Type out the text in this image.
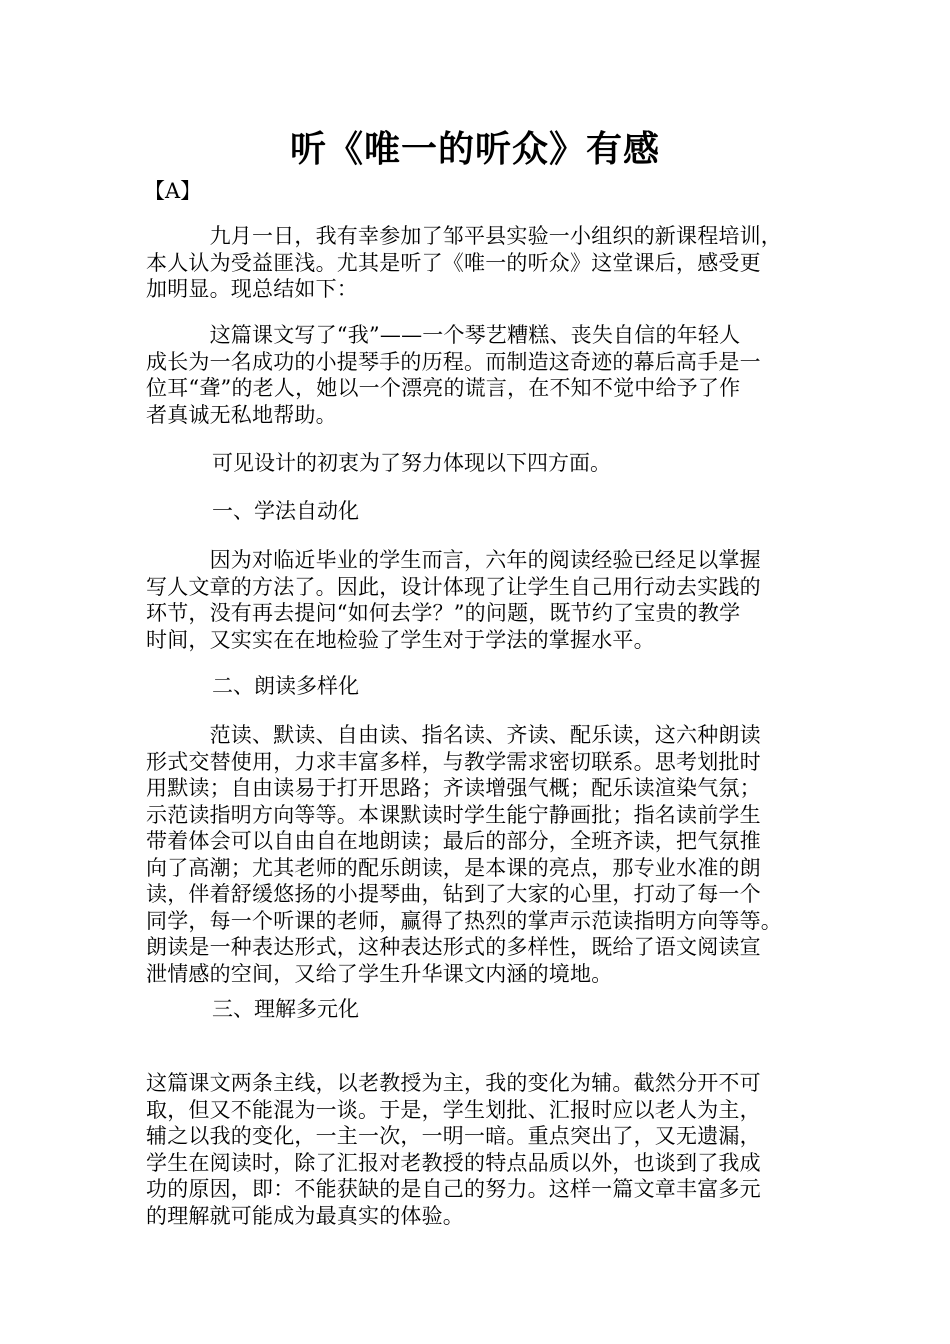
听《唯一的听众》有感
【A】
　　　九月一日，我有幸参加了邹平县实验一小组织的新课程培训，
本人认为受益匪浅。尤其是听了《唯一的听众》这堂课后，感受更
加明显。现总结如下：
　　　这篇课文写了“我”——一个琴艺糟糕、丧失自信的年轻人
成长为一名成功的小提琴手的历程。而制造这奇迹的幕后高手是一
位耳“聋”的老人，她以一个漂亮的谎言，在不知不觉中给予了作
者真诚无私地帮助。
可见设计的初衷为了努力体现以下四方面。
一、学法自动化
　　　因为对临近毕业的学生而言，六年的阅读经验已经足以掌握
写人文章的方法了。因此，设计体现了让学生自己用行动去实践的
环节，没有再去提问“如何去学？”的问题，既节约了宝贵的教学
时间，又实实在在地检验了学生对于学法的掌握水平。
二、朗读多样化
　　　范读、默读、自由读、指名读、齐读、配乐读，这六种朗读
形式交替使用，力求丰富多样，与教学需求密切联系。思考划批时
用默读；自由读易于打开思路；齐读增强气概；配乐读渲染气氛；
示范读指明方向等等。本课默读时学生能宁静画批；指名读前学生
带着体会可以自由自在地朗读；最后的部分，全班齐读，把气氛推
向了高潮；尤其老师的配乐朗读，是本课的亮点，那专业水准的朗
读，伴着舒缓悠扬的小提琴曲，钻到了大家的心里，打动了每一个
同学，每一个听课的老师，赢得了热烈的掌声示范读指明方向等等。
朗读是一种表达形式，这种表达形式的多样性，既给了语文阅读宣
泄情感的空间，又给了学生升华课文内涵的境地。
三、理解多元化
这篇课文两条主线，以老教授为主，我的变化为辅。截然分开不可
取，但又不能混为一谈。于是，学生划批、汇报时应以老人为主，
辅之以我的变化，一主一次，一明一暗。重点突出了，又无遗漏，
学生在阅读时，除了汇报对老教授的特点品质以外，也谈到了我成
功的原因，即：不能获缺的是自己的努力。这样一篇文章丰富多元
的理解就可能成为最真实的体验。
